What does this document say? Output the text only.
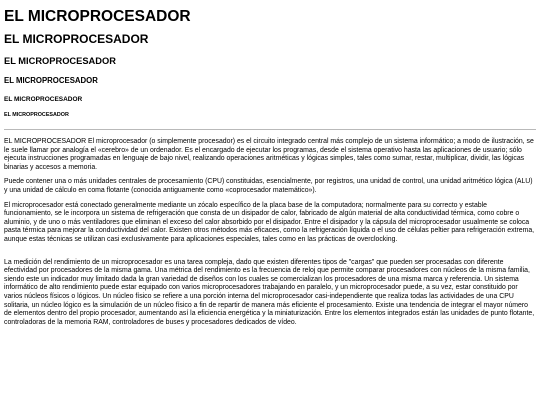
EL MICROPROCESADOR
EL MICROPROCESADOR
EL MICROPROCESADOR
EL MICROPROCESADOR
EL MICROPROCESADOR
EL MICROPROCESADOR

EL MICROPROCESADOR El microprocesador (o simplemente procesador) es el circuito integrado central más complejo de un sistema informático; a modo de ilustración, se le suele llamar por analogía el «cerebro» de un ordenador. Es el encargado de ejecutar los programas, desde el sistema operativo hasta las aplicaciones de usuario; sólo ejecuta instrucciones programadas en lenguaje de bajo nivel, realizando operaciones aritméticas y lógicas simples, tales como sumar, restar, multiplicar, dividir, las lógicas binarias y accesos a memoria.

Puede contener una o más unidades centrales de procesamiento (CPU) constituidas, esencialmente, por registros, una unidad de control, una unidad aritmético lógica (ALU) y una unidad de cálculo en coma flotante (conocida antiguamente como «coprocesador matemático»).

El microprocesador está conectado generalmente mediante un zócalo específico de la placa base de la computadora; normalmente para su correcto y estable funcionamiento, se le incorpora un sistema de refrigeración que consta de un disipador de calor, fabricado de algún material de alta conductividad térmica, como cobre o aluminio, y de uno o más ventiladores que eliminan el exceso del calor absorbido por el disipador. Entre el disipador y la cápsula del microprocesador usualmente se coloca pasta térmica para mejorar la conductividad del calor. Existen otros métodos más eficaces, como la refrigeración líquida o el uso de células peltier para refrigeración extrema, aunque estas técnicas se utilizan casi exclusivamente para aplicaciones especiales, tales como en las prácticas de overclocking.

La medición del rendimiento de un microprocesador es una tarea compleja, dado que existen diferentes tipos de "cargas" que pueden ser procesadas con diferente efectividad por procesadores de la misma gama. Una métrica del rendimiento es la frecuencia de reloj que permite comparar procesadores con núcleos de la misma familia, siendo este un indicador muy limitado dada la gran variedad de diseños con los cuales se comercializan los procesadores de una misma marca y referencia. Un sistema informático de alto rendimiento puede estar equipado con varios microprocesadores trabajando en paralelo, y un microprocesador puede, a su vez, estar constituido por varios núcleos físicos o lógicos. Un núcleo físico se refiere a una porción interna del microprocesador casi-independiente que realiza todas las actividades de una CPU solitaria, un núcleo lógico es la simulación de un núcleo físico a fin de repartir de manera más eficiente el procesamiento. Existe una tendencia de integrar el mayor número de elementos dentro del propio procesador, aumentando así la eficiencia energética y la miniaturización. Entre los elementos integrados están las unidades de punto flotante, controladoras de la memoria RAM, controladores de buses y procesadores dedicados de vídeo.
